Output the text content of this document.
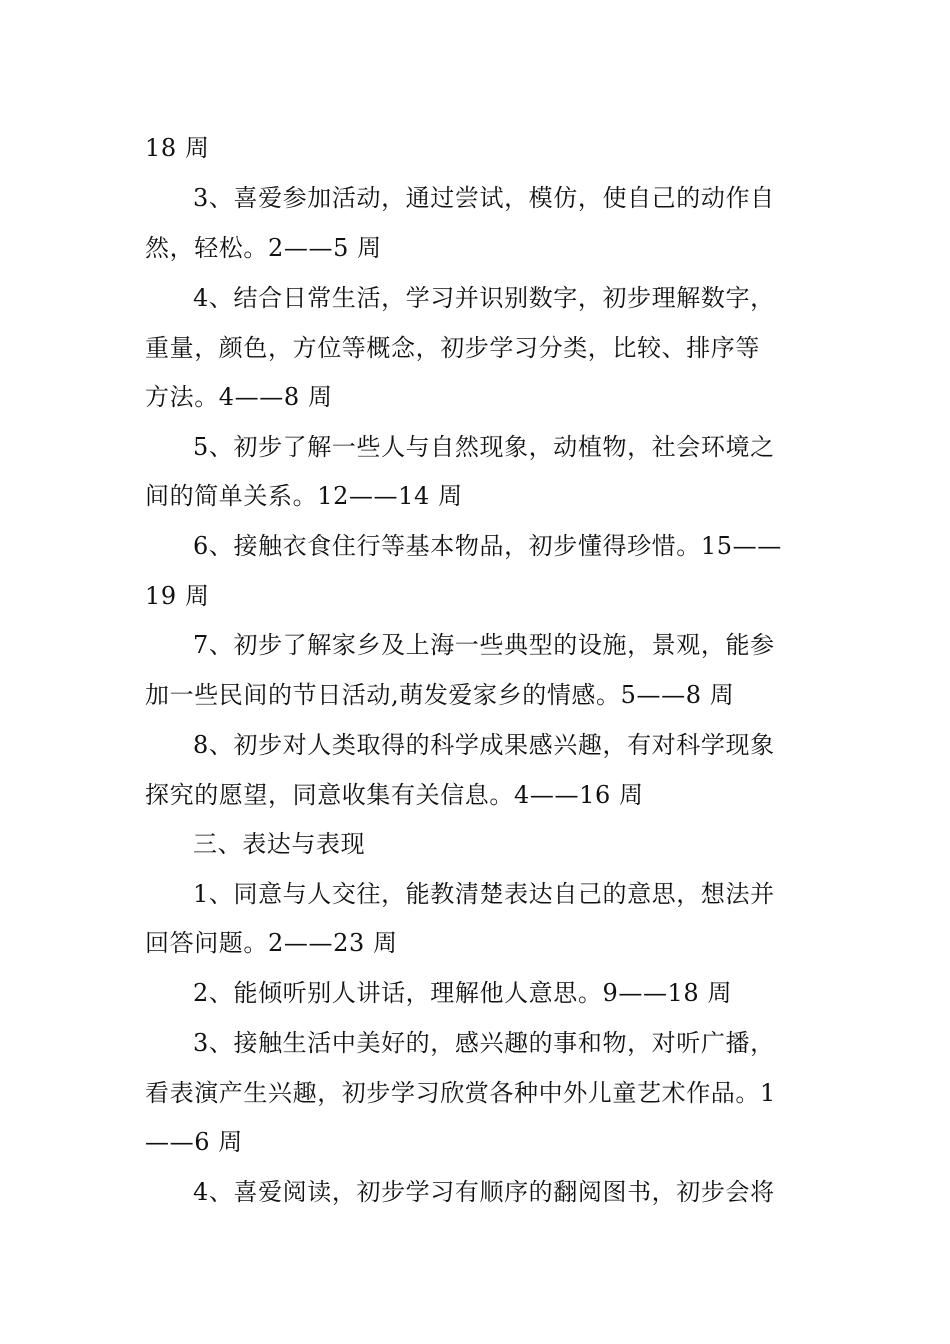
18 周
3、喜爱参加活动，通过尝试，模仿，使自己的动作自
然，轻松。2——5 周
4、结合日常生活，学习并识别数字，初步理解数字，
重量，颜色，方位等概念，初步学习分类，比较、排序等
方法。4——8 周
5、初步了解一些人与自然现象，动植物，社会环境之
间的简单关系。12——14 周
6、接触衣食住行等基本物品，初步懂得珍惜。15——
19 周
7、初步了解家乡及上海一些典型的设施，景观，能参
加一些民间的节日活动,萌发爱家乡的情感。5——8 周
8、初步对人类取得的科学成果感兴趣，有对科学现象
探究的愿望，同意收集有关信息。4——16 周
三、表达与表现
1、同意与人交往，能教清楚表达自己的意思，想法并
回答问题。2——23 周
2、能倾听别人讲话，理解他人意思。9——18 周
3、接触生活中美好的，感兴趣的事和物，对听广播，
看表演产生兴趣，初步学习欣赏各种中外儿童艺术作品。1
——6 周
4、喜爱阅读，初步学习有顺序的翻阅图书，初步会将
